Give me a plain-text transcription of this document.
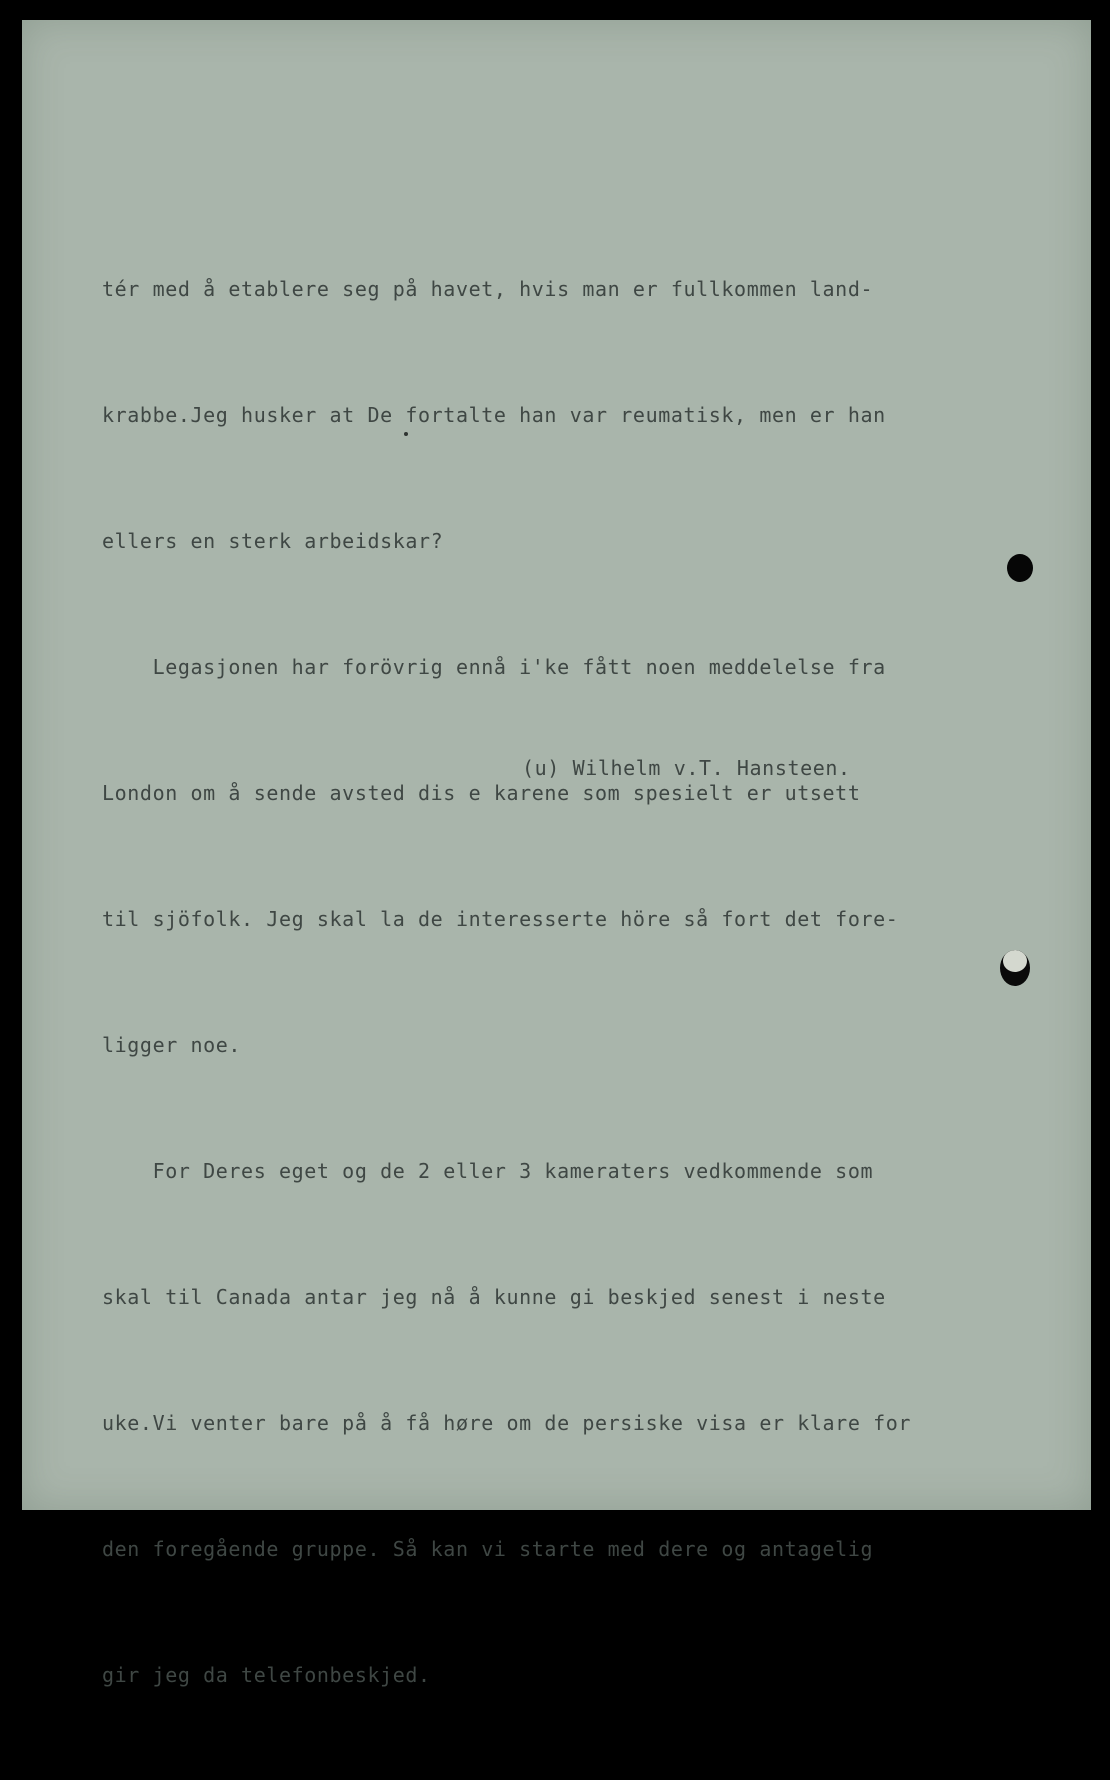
tér med å etablere seg på havet, hvis man er fullkommen land-

krabbe.Jeg husker at De fortalte han var reumatisk, men er han

ellers en sterk arbeidskar?

Legasjonen har forövrig ennå i'ke fått noen meddelelse fra

London om å sende avsted dis e karene som spesielt er utsett

til sjöfolk. Jeg skal la de interesserte höre så fort det fore-

ligger noe.

For Deres eget og de 2 eller 3 kameraters vedkommende som

skal til Canada antar jeg nå å kunne gi beskjed senest i neste

uke.Vi venter bare på å få høre om de persiske visa er klare for

den foregående gruppe. Så kan vi starte med dere og antagelig

gir jeg da telefonbeskjed.

(u) Wilhelm v.T. Hansteen.
